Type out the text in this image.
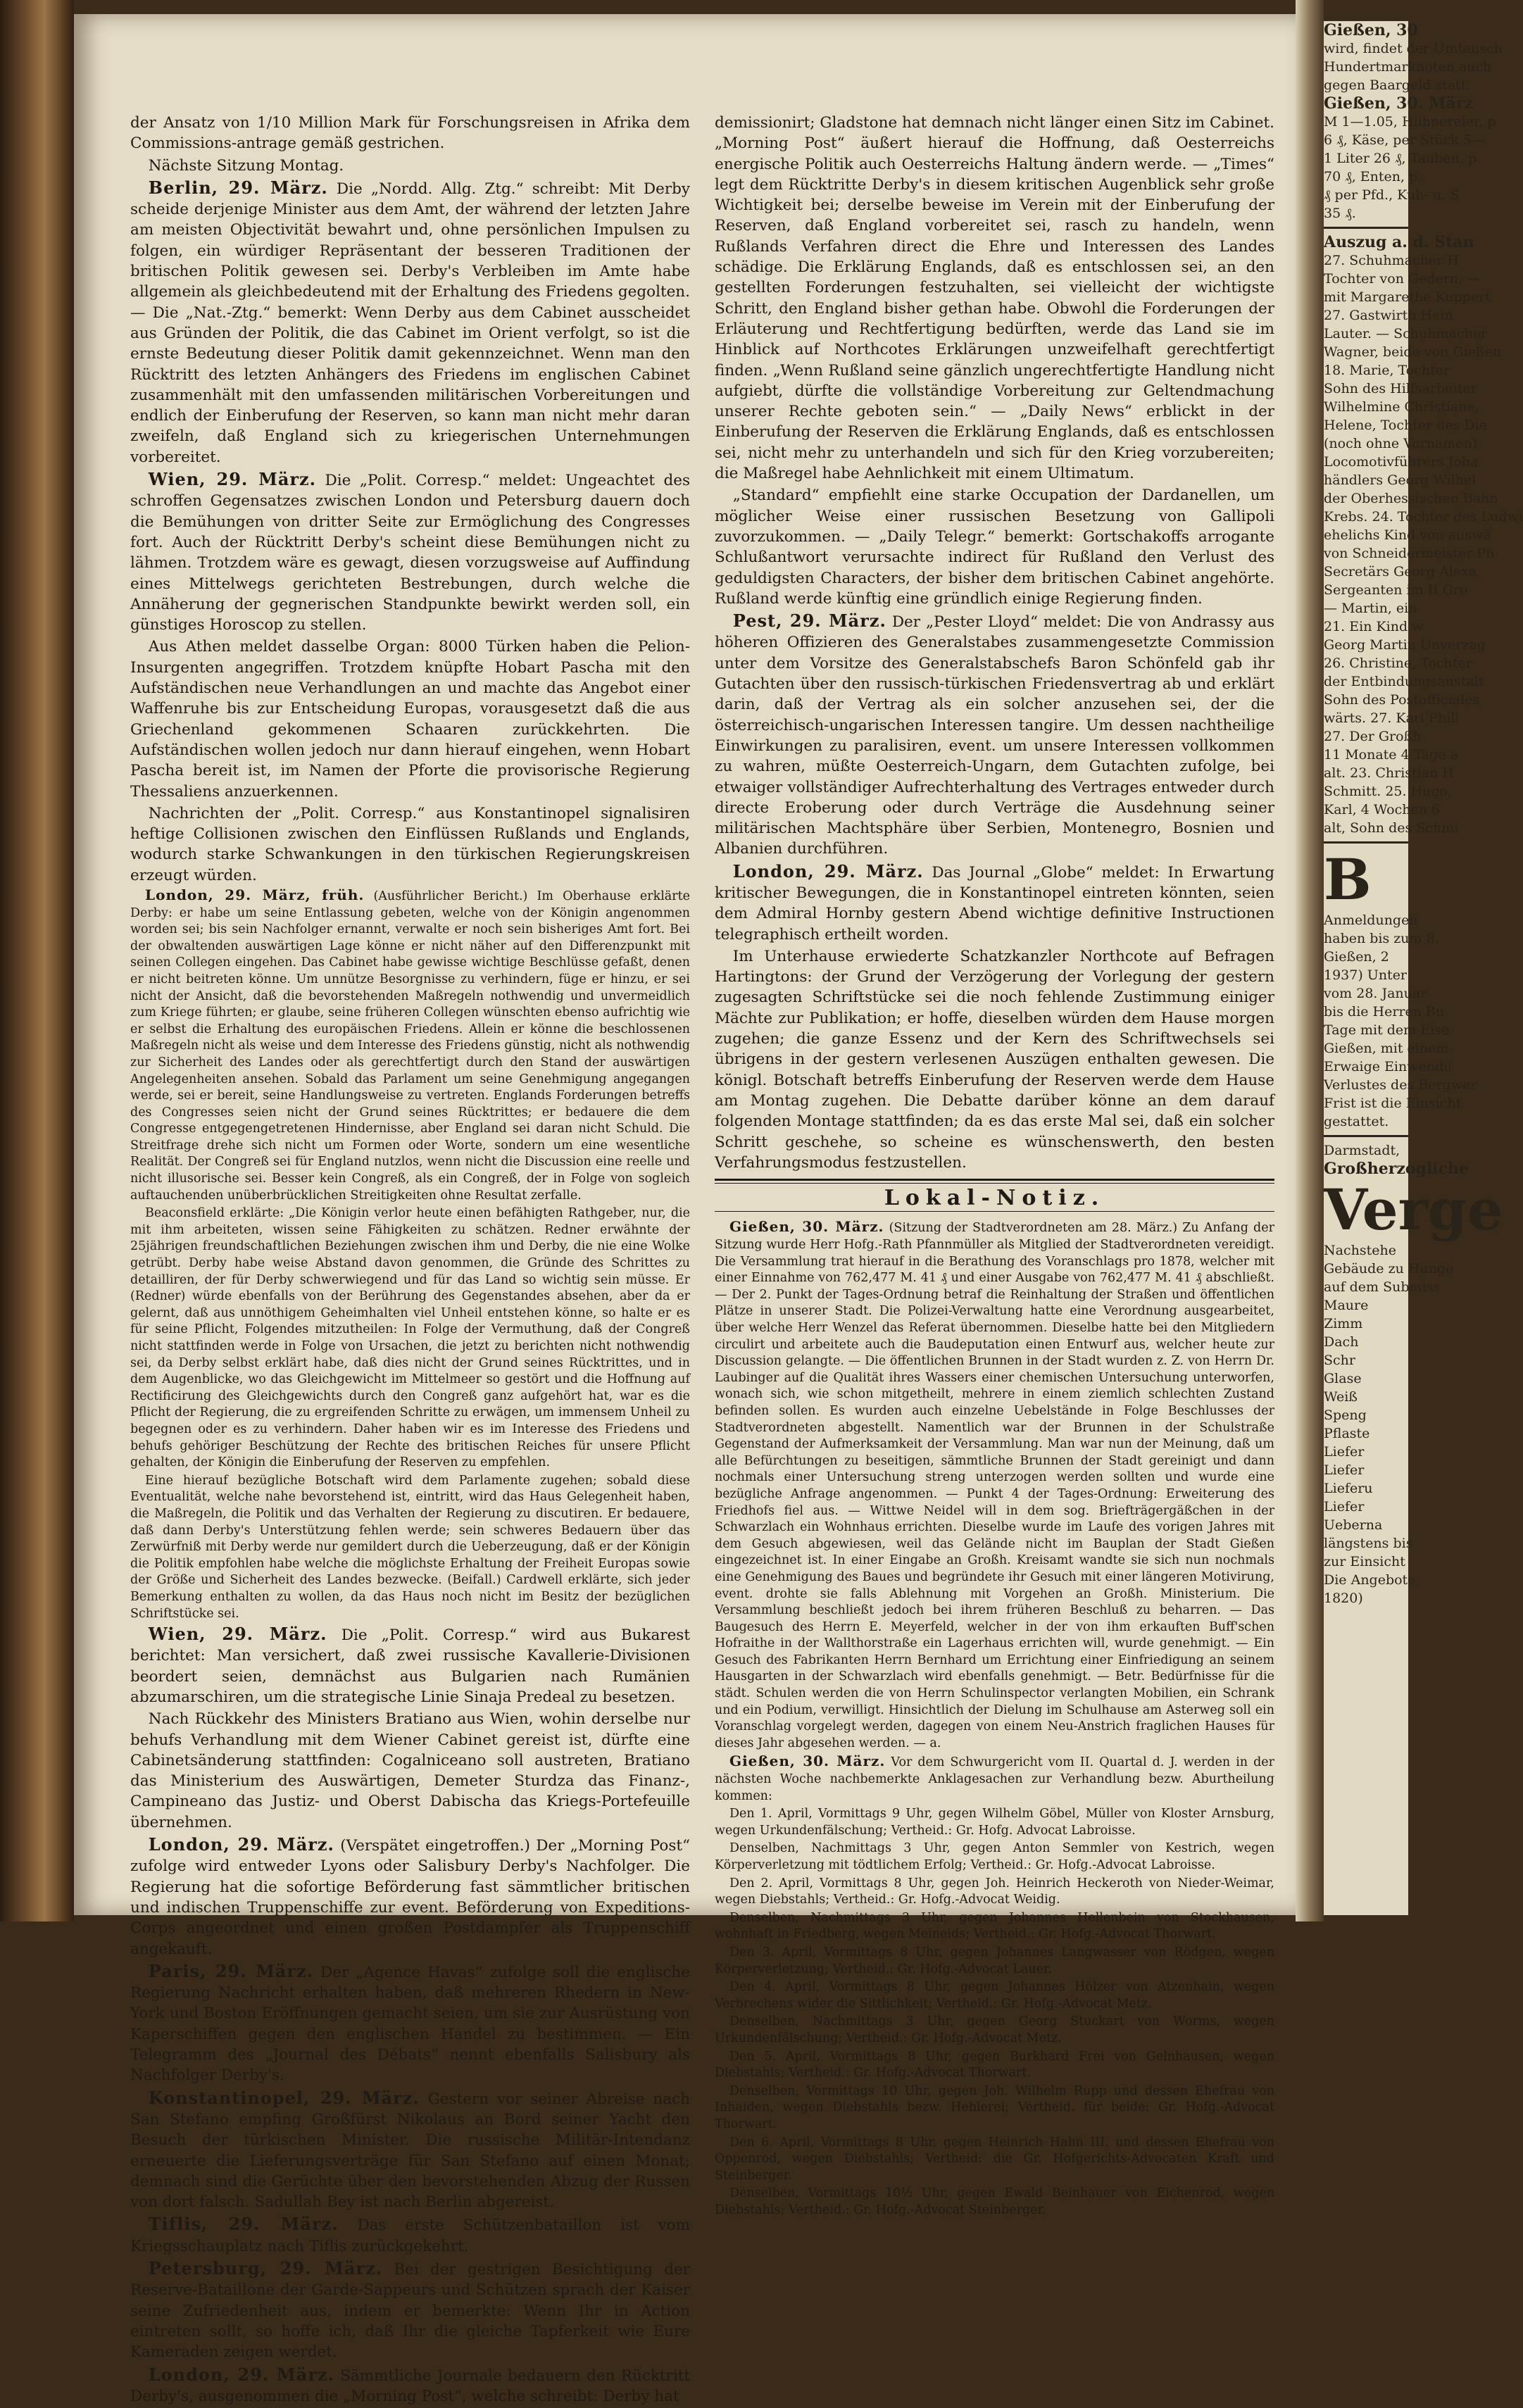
der Ansatz von 1/10 Million Mark für Forschungsreisen in Afrika dem Commissions-antrage gemäß gestrichen.

Nächste Sitzung Montag.

Berlin, 29. März. Die „Nordd. Allg. Ztg.“ schreibt: Mit Derby scheide derjenige Minister aus dem Amt, der während der letzten Jahre am meisten Objectivität bewahrt und, ohne persönlichen Impulsen zu folgen, ein würdiger Repräsentant der besseren Traditionen der britischen Politik gewesen sei. Derby's Verbleiben im Amte habe allgemein als gleichbedeutend mit der Erhaltung des Friedens gegolten. — Die „Nat.-Ztg.“ bemerkt: Wenn Derby aus dem Cabinet ausscheidet aus Gründen der Politik, die das Cabinet im Orient verfolgt, so ist die ernste Bedeutung dieser Politik damit gekennzeichnet. Wenn man den Rücktritt des letzten Anhängers des Friedens im englischen Cabinet zusammenhält mit den umfassenden militärischen Vorbereitungen und endlich der Einberufung der Reserven, so kann man nicht mehr daran zweifeln, daß England sich zu kriegerischen Unternehmungen vorbereitet.

Wien, 29. März. Die „Polit. Corresp.“ meldet: Ungeachtet des schroffen Gegensatzes zwischen London und Petersburg dauern doch die Bemühungen von dritter Seite zur Ermöglichung des Congresses fort. Auch der Rücktritt Derby's scheint diese Bemühungen nicht zu lähmen. Trotzdem wäre es gewagt, diesen vorzugsweise auf Auffindung eines Mittelwegs gerichteten Bestrebungen, durch welche die Annäherung der gegnerischen Standpunkte bewirkt werden soll, ein günstiges Horoscop zu stellen.

Aus Athen meldet dasselbe Organ: 8000 Türken haben die Pelion-Insurgenten angegriffen. Trotzdem knüpfte Hobart Pascha mit den Aufständischen neue Verhandlungen an und machte das Angebot einer Waffenruhe bis zur Entscheidung Europas, vorausgesetzt daß die aus Griechenland gekommenen Schaaren zurückkehrten. Die Aufständischen wollen jedoch nur dann hierauf eingehen, wenn Hobart Pascha bereit ist, im Namen der Pforte die provisorische Regierung Thessaliens anzuerkennen.

Nachrichten der „Polit. Corresp.“ aus Konstantinopel signalisiren heftige Collisionen zwischen den Einflüssen Rußlands und Englands, wodurch starke Schwankungen in den türkischen Regierungskreisen erzeugt würden.

London, 29. März, früh. (Ausführlicher Bericht.) Im Oberhause erklärte Derby: er habe um seine Entlassung gebeten, welche von der Königin angenommen worden sei; bis sein Nachfolger ernannt, verwalte er noch sein bisheriges Amt fort. Bei der obwaltenden auswärtigen Lage könne er nicht näher auf den Differenzpunkt mit seinen Collegen eingehen. Das Cabinet habe gewisse wichtige Beschlüsse gefaßt, denen er nicht beitreten könne. Um unnütze Besorgnisse zu verhindern, füge er hinzu, er sei nicht der Ansicht, daß die bevorstehenden Maßregeln nothwendig und unvermeidlich zum Kriege führten; er glaube, seine früheren Collegen wünschten ebenso aufrichtig wie er selbst die Erhaltung des europäischen Friedens. Allein er könne die beschlossenen Maßregeln nicht als weise und dem Interesse des Friedens günstig, nicht als nothwendig zur Sicherheit des Landes oder als gerechtfertigt durch den Stand der auswärtigen Angelegenheiten ansehen. Sobald das Parlament um seine Genehmigung angegangen werde, sei er bereit, seine Handlungsweise zu vertreten. Englands Forderungen betreffs des Congresses seien nicht der Grund seines Rücktrittes; er bedauere die dem Congresse entgegengetretenen Hindernisse, aber England sei daran nicht Schuld. Die Streitfrage drehe sich nicht um Formen oder Worte, sondern um eine wesentliche Realität. Der Congreß sei für England nutzlos, wenn nicht die Discussion eine reelle und nicht illusorische sei. Besser kein Congreß, als ein Congreß, der in Folge von sogleich auftauchenden unüberbrücklichen Streitigkeiten ohne Resultat zerfalle.

Beaconsfield erklärte: „Die Königin verlor heute einen befähigten Rathgeber, nur, die mit ihm arbeiteten, wissen seine Fähigkeiten zu schätzen. Redner erwähnte der 25jährigen freundschaftlichen Beziehungen zwischen ihm und Derby, die nie eine Wolke getrübt. Derby habe weise Abstand davon genommen, die Gründe des Schrittes zu detailliren, der für Derby schwerwiegend und für das Land so wichtig sein müsse. Er (Redner) würde ebenfalls von der Berührung des Gegenstandes absehen, aber da er gelernt, daß aus unnöthigem Geheimhalten viel Unheil entstehen könne, so halte er es für seine Pflicht, Folgendes mitzutheilen: In Folge der Vermuthung, daß der Congreß nicht stattfinden werde in Folge von Ursachen, die jetzt zu berichten nicht nothwendig sei, da Derby selbst erklärt habe, daß dies nicht der Grund seines Rücktrittes, und in dem Augenblicke, wo das Gleichgewicht im Mittelmeer so gestört und die Hoffnung auf Rectificirung des Gleichgewichts durch den Congreß ganz aufgehört hat, war es die Pflicht der Regierung, die zu ergreifenden Schritte zu erwägen, um immensem Unheil zu begegnen oder es zu verhindern. Daher haben wir es im Interesse des Friedens und behufs gehöriger Beschützung der Rechte des britischen Reiches für unsere Pflicht gehalten, der Königin die Einberufung der Reserven zu empfehlen.

Eine hierauf bezügliche Botschaft wird dem Parlamente zugehen; sobald diese Eventualität, welche nahe bevorstehend ist, eintritt, wird das Haus Gelegenheit haben, die Maßregeln, die Politik und das Verhalten der Regierung zu discutiren. Er bedauere, daß dann Derby's Unterstützung fehlen werde; sein schweres Bedauern über das Zerwürfniß mit Derby werde nur gemildert durch die Ueberzeugung, daß er der Königin die Politik empfohlen habe welche die möglichste Erhaltung der Freiheit Europas sowie der Größe und Sicherheit des Landes bezwecke. (Beifall.) Cardwell erklärte, sich jeder Bemerkung enthalten zu wollen, da das Haus noch nicht im Besitz der bezüglichen Schriftstücke sei.

Wien, 29. März. Die „Polit. Corresp.“ wird aus Bukarest berichtet: Man versichert, daß zwei russische Kavallerie-Divisionen beordert seien, demnächst aus Bulgarien nach Rumänien abzumarschiren, um die strategische Linie Sinaja Predeal zu besetzen.

Nach Rückkehr des Ministers Bratiano aus Wien, wohin derselbe nur behufs Verhandlung mit dem Wiener Cabinet gereist ist, dürfte eine Cabinetsänderung stattfinden: Cogalniceano soll austreten, Bratiano das Ministerium des Auswärtigen, Demeter Sturdza das Finanz-, Campineano das Justiz- und Oberst Dabischa das Kriegs-Portefeuille übernehmen.

London, 29. März. (Verspätet eingetroffen.) Der „Morning Post“ zufolge wird entweder Lyons oder Salisbury Derby's Nachfolger. Die Regierung hat die sofortige Beförderung fast sämmtlicher britischen und indischen Truppenschiffe zur event. Beförderung von Expeditions-Corps angeordnet und einen großen Postdampfer als Truppenschiff angekauft.

Paris, 29. März. Der „Agence Havas“ zufolge soll die englische Regierung Nachricht erhalten haben, daß mehreren Rhedern in New-York und Boston Eröffnungen gemacht seien, um sie zur Ausrüstung von Kaperschiffen gegen den englischen Handel zu bestimmen. — Ein Telegramm des „Journal des Débats“ nennt ebenfalls Salisbury als Nachfolger Derby's.

Konstantinopel, 29. März. Gestern vor seiner Abreise nach San Stefano empfing Großfürst Nikolaus an Bord seiner Yacht den Besuch der türkischen Minister. Die russische Militär-Intendanz erneuerte die Lieferungsverträge für San Stefano auf einen Monat; demnach sind die Gerüchte über den bevorstehenden Abzug der Russen von dort falsch. Sadullah Bey ist nach Berlin abgereist.

Tiflis, 29. März. Das erste Schützenbataillon ist vom Kriegsschauplatz nach Tiflis zurückgekehrt.

Petersburg, 29. März. Bei der gestrigen Besichtigung der Reserve-Bataillone der Garde-Sappeurs und Schützen sprach der Kaiser seine Zufriedenheit aus, indem er bemerkte: Wenn Ihr in Action eintreten sollt, so hoffe ich, daß Ihr die gleiche Tapferkeit wie Eure Kameraden zeigen werdet.

London, 29. März. Sämmtliche Journale bedauern den Rücktritt Derby's, ausgenommen die „Morning Post“, welche schreibt: Derby hat

demissionirt; Gladstone hat demnach nicht länger einen Sitz im Cabinet. „Morning Post“ äußert hierauf die Hoffnung, daß Oesterreichs energische Politik auch Oesterreichs Haltung ändern werde. — „Times“ legt dem Rücktritte Derby's in diesem kritischen Augenblick sehr große Wichtigkeit bei; derselbe beweise im Verein mit der Einberufung der Reserven, daß England vorbereitet sei, rasch zu handeln, wenn Rußlands Verfahren direct die Ehre und Interessen des Landes schädige. Die Erklärung Englands, daß es entschlossen sei, an den gestellten Forderungen festzuhalten, sei vielleicht der wichtigste Schritt, den England bisher gethan habe. Obwohl die Forderungen der Erläuterung und Rechtfertigung bedürften, werde das Land sie im Hinblick auf Northcotes Erklärungen unzweifelhaft gerechtfertigt finden. „Wenn Rußland seine gänzlich ungerechtfertigte Handlung nicht aufgiebt, dürfte die vollständige Vorbereitung zur Geltendmachung unserer Rechte geboten sein.“ — „Daily News“ erblickt in der Einberufung der Reserven die Erklärung Englands, daß es entschlossen sei, nicht mehr zu unterhandeln und sich für den Krieg vorzubereiten; die Maßregel habe Aehnlichkeit mit einem Ultimatum.

„Standard“ empfiehlt eine starke Occupation der Dardanellen, um möglicher Weise einer russischen Besetzung von Gallipoli zuvorzukommen. — „Daily Telegr.“ bemerkt: Gortschakoffs arrogante Schlußantwort verursachte indirect für Rußland den Verlust des geduldigsten Characters, der bisher dem britischen Cabinet angehörte. Rußland werde künftig eine gründlich einige Regierung finden.

Pest, 29. März. Der „Pester Lloyd“ meldet: Die von Andrassy aus höheren Offizieren des Generalstabes zusammengesetzte Commission unter dem Vorsitze des Generalstabschefs Baron Schönfeld gab ihr Gutachten über den russisch-türkischen Friedensvertrag ab und erklärt darin, daß der Vertrag als ein solcher anzusehen sei, der die österreichisch-ungarischen Interessen tangire. Um dessen nachtheilige Einwirkungen zu paralisiren, event. um unsere Interessen vollkommen zu wahren, müßte Oesterreich-Ungarn, dem Gutachten zufolge, bei etwaiger vollständiger Aufrechterhaltung des Vertrages entweder durch directe Eroberung oder durch Verträge die Ausdehnung seiner militärischen Machtsphäre über Serbien, Montenegro, Bosnien und Albanien durchführen.

London, 29. März. Das Journal „Globe“ meldet: In Erwartung kritischer Bewegungen, die in Konstantinopel eintreten könnten, seien dem Admiral Hornby gestern Abend wichtige definitive Instructionen telegraphisch ertheilt worden.

Im Unterhause erwiederte Schatzkanzler Northcote auf Befragen Hartingtons: der Grund der Verzögerung der Vorlegung der gestern zugesagten Schriftstücke sei die noch fehlende Zustimmung einiger Mächte zur Publikation; er hoffe, dieselben würden dem Hause morgen zugehen; die ganze Essenz und der Kern des Schriftwechsels sei übrigens in der gestern verlesenen Auszügen enthalten gewesen. Die königl. Botschaft betreffs Einberufung der Reserven werde dem Hause am Montag zugehen. Die Debatte darüber könne an dem darauf folgenden Montage stattfinden; da es das erste Mal sei, daß ein solcher Schritt geschehe, so scheine es wünschenswerth, den besten Verfahrungsmodus festzustellen.

Lokal-Notiz.

Gießen, 30. März. (Sitzung der Stadtverordneten am 28. März.) Zu Anfang der Sitzung wurde Herr Hofg.-Rath Pfannmüller als Mitglied der Stadtverordneten vereidigt. Die Versammlung trat hierauf in die Berathung des Voranschlags pro 1878, welcher mit einer Einnahme von 762,477 M. 41 ₰ und einer Ausgabe von 762,477 M. 41 ₰ abschließt. — Der 2. Punkt der Tages-Ordnung betraf die Reinhaltung der Straßen und öffentlichen Plätze in unserer Stadt. Die Polizei-Verwaltung hatte eine Verordnung ausgearbeitet, über welche Herr Wenzel das Referat übernommen. Dieselbe hatte bei den Mitgliedern circulirt und arbeitete auch die Baudeputation einen Entwurf aus, welcher heute zur Discussion gelangte. — Die öffentlichen Brunnen in der Stadt wurden z. Z. von Herrn Dr. Laubinger auf die Qualität ihres Wassers einer chemischen Untersuchung unterworfen, wonach sich, wie schon mitgetheilt, mehrere in einem ziemlich schlechten Zustand befinden sollen. Es wurden auch einzelne Uebelstände in Folge Beschlusses der Stadtverordneten abgestellt. Namentlich war der Brunnen in der Schulstraße Gegenstand der Aufmerksamkeit der Versammlung. Man war nun der Meinung, daß um alle Befürchtungen zu beseitigen, sämmtliche Brunnen der Stadt gereinigt und dann nochmals einer Untersuchung streng unterzogen werden sollten und wurde eine bezügliche Anfrage angenommen. — Punkt 4 der Tages-Ordnung: Erweiterung des Friedhofs fiel aus. — Wittwe Neidel will in dem sog. Briefträgergäßchen in der Schwarzlach ein Wohnhaus errichten. Dieselbe wurde im Laufe des vorigen Jahres mit dem Gesuch abgewiesen, weil das Gelände nicht im Bauplan der Stadt Gießen eingezeichnet ist. In einer Eingabe an Großh. Kreisamt wandte sie sich nun nochmals eine Genehmigung des Baues und begründete ihr Gesuch mit einer längeren Motivirung, event. drohte sie falls Ablehnung mit Vorgehen an Großh. Ministerium. Die Versammlung beschließt jedoch bei ihrem früheren Beschluß zu beharren. — Das Baugesuch des Herrn E. Meyerfeld, welcher in der von ihm erkauften Buff'schen Hofraithe in der Wallthorstraße ein Lagerhaus errichten will, wurde genehmigt. — Ein Gesuch des Fabrikanten Herrn Bernhard um Errichtung einer Einfriedigung an seinem Hausgarten in der Schwarzlach wird ebenfalls genehmigt. — Betr. Bedürfnisse für die städt. Schulen werden die von Herrn Schulinspector verlangten Mobilien, ein Schrank und ein Podium, verwilligt. Hinsichtlich der Dielung im Schulhause am Asterweg soll ein Voranschlag vorgelegt werden, dagegen von einem Neu-Anstrich fraglichen Hauses für dieses Jahr abgesehen werden. — a.

Gießen, 30. März. Vor dem Schwurgericht vom II. Quartal d. J. werden in der nächsten Woche nachbemerkte Anklagesachen zur Verhandlung bezw. Aburtheilung kommen:

Den 1. April, Vormittags 9 Uhr, gegen Wilhelm Göbel, Müller von Kloster Arnsburg, wegen Urkundenfälschung; Vertheid.: Gr. Hofg. Advocat Labroisse.

Denselben, Nachmittags 3 Uhr, gegen Anton Semmler von Kestrich, wegen Körperverletzung mit tödtlichem Erfolg; Vertheid.: Gr. Hofg.-Advocat Labroisse.

Den 2. April, Vormittags 8 Uhr, gegen Joh. Heinrich Heckeroth von Nieder-Weimar, wegen Diebstahls; Vertheid.: Gr. Hofg.-Advocat Weidig.

Denselben, Nachmittags 3 Uhr, gegen Johannes Hellenbein von Stockhausen, wohnhaft in Friedberg, wegen Meineids; Vertheid.: Gr. Hofg.-Advocat Thorwart.

Den 3. April, Vormittags 8 Uhr, gegen Johannes Langwasser von Rödgen, wegen Körperverletzung; Vertheid.: Gr. Hofg.-Advocat Lauer.

Den 4. April, Vormittags 8 Uhr, gegen Johannes Hölzer von Atzenhain, wegen Verbrechens wider die Sittlichkeit; Vertheid.: Gr. Hofg.-Advocat Metz.

Denselben, Nachmittags 3 Uhr, gegen Georg Stuckart von Worms, wegen Urkundenfälschung; Vertheid.: Gr. Hofg.-Advocat Metz.

Den 5. April, Vormittags 8 Uhr, gegen Burkhard Frei von Gelnhausen, wegen Diebstahls; Vertheid.: Gr. Hofg.-Advocat Thorwart.

Denselben, Vormittags 10 Uhr, gegen Joh. Wilhelm Rupp und dessen Ehefrau von Inhaiden, wegen Diebstahls bezw. Hehlerei; Vertheid. für beide: Gr. Hofg.-Advocat Thorwart.

Den 6. April, Vormittags 8 Uhr, gegen Heinrich Hahn III. und dessen Ehefrau von Oppenrod, wegen Diebstahls; Vertheid: die Gr. Hofgerichts-Advocaten Kraft und Steinberger.

Denselben, Vormittags 10½ Uhr, gegen Ewald Beinhauer von Eichenrod, wegen Diebstahls; Vertheid.: Gr. Hofg.-Advocat Steinberger.

Gießen, 30
wird, findet der Umtausch
Hundertmarknoten auch
gegen Baargeld statt.
Gießen, 30. März
M 1—1.05, Hühnereier, p
6 ₰, Käse, per Stück 5—
1 Liter 26 ₰, Tauben, p
70 ₰, Enten, p.
₰ per Pfd., Kuh- u. S
35 ₰.
Auszug a. d. Stan
27. Schuhmacher H
Tochter von Gedern. —
mit Margarethe Kuppert
27. Gastwirth Hein
Lauter. — Schuhmacher
Wagner, beide von Gießen
18. Marie, Tochter
Sohn des Hilfsarbeiter
Wilhelmine Christiane,
Helene, Tochter des Die
(noch ohne Vornamen)
Locomotivführers Joha
händlers Georg Wilhel
der Oberhessischen Bahn
Krebs. 24. Tochter des Ludwi
ehelichs Kind von auswä
von Schneidermeister Ph
Secretärs Georg Alexa
Sergeanten im II Gro
— Martin, ein
21. Ein Kind w
Georg Martin Unverzag
26. Christine, Tochter
der Entbindungsanstalt
Sohn des Postofficiales
wärts. 27. Karl Phili
27. Der Großh
11 Monate 4 Tage a
alt. 23. Christian H
Schmitt. 25. Hugo,
Karl, 4 Wochen 6
alt, Sohn des Schmi
B
Anmeldungen
haben bis zum 8.
Gießen, 2
1937) Unter
vom 28. Januar
bis die Herren Bu
Tage mit dem Eise
Gießen, mit einem
Erwaige Einwendu
Verlustes des Bergwer
Frist ist die Einsicht
gestattet.
Darmstadt,
Großherzogliche
Verge
Nachstehe
Gebäude zu Hunge
auf dem Submiss
Maure
Zimm
Dach
Schr
Glase
Weiß
Speng
Pflaste
Liefer
Liefer
Lieferu
Liefer
Ueberna
längstens bis
zur Einsicht
Die Angebote
1820)
